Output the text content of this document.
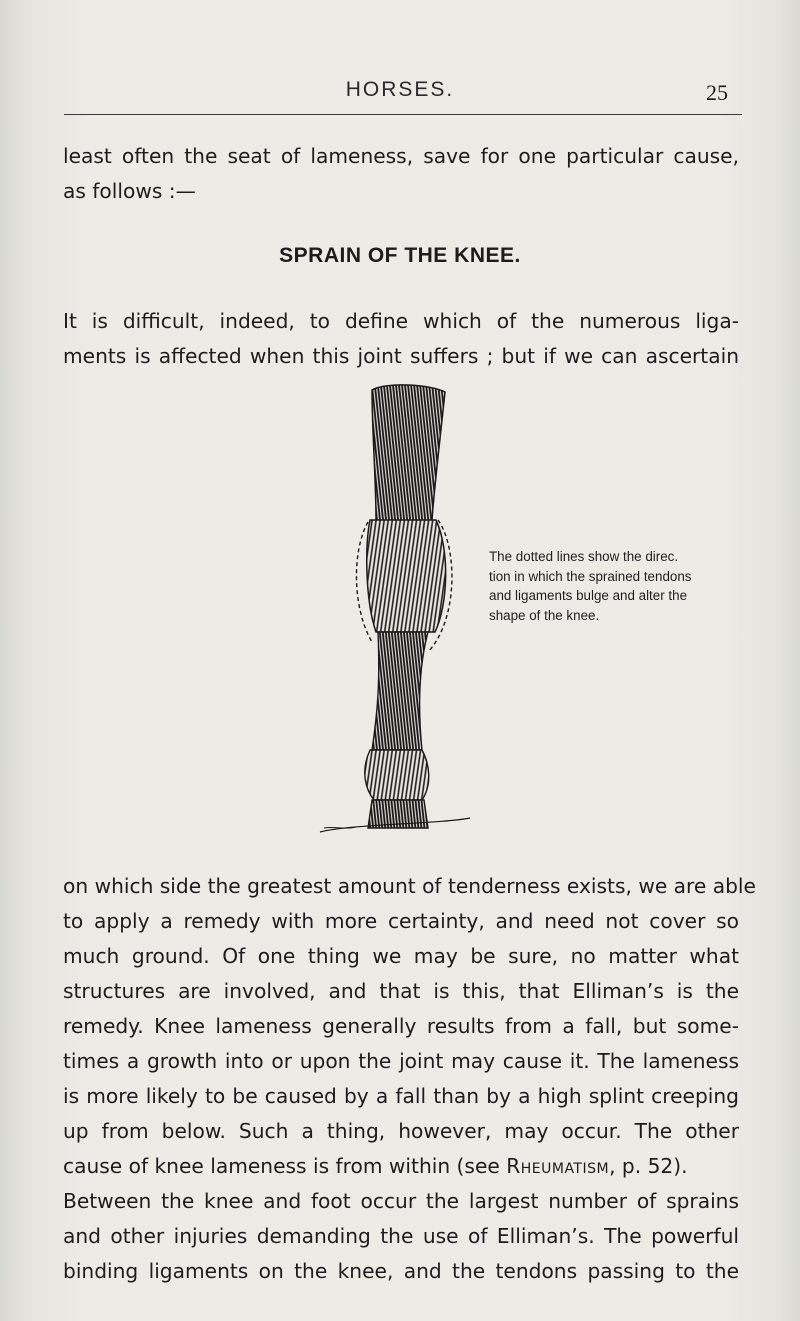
HORSES.	25
least often the seat of lameness, save for one particular cause,
as follows :—
SPRAIN OF THE KNEE.
It is difficult, indeed, to define which of the numerous liga-
ments is affected when this joint suffers ; but if we can ascertain
The dotted lines show the direc.
tion in which the sprained tendons
and ligaments bulge and alter the
shape of the knee.
on which side the greatest amount of tenderness exists, we are able
to apply a remedy with more certainty, and need not cover so
much ground. Of one thing we may be sure, no matter what
structures are involved, and that is this, that Elliman’s is the
remedy. Knee lameness generally results from a fall, but some-
times a growth into or upon the joint may cause it. The lameness
is more likely to be caused by a fall than by a high splint creeping
up from below. Such a thing, however, may occur. The other
cause of knee lameness is from within (see Rheumatism, p. 52).
Between the knee and foot occur the largest number of sprains
and other injuries demanding the use of Elliman’s. The powerful
binding ligaments on the knee, and the tendons passing to the
